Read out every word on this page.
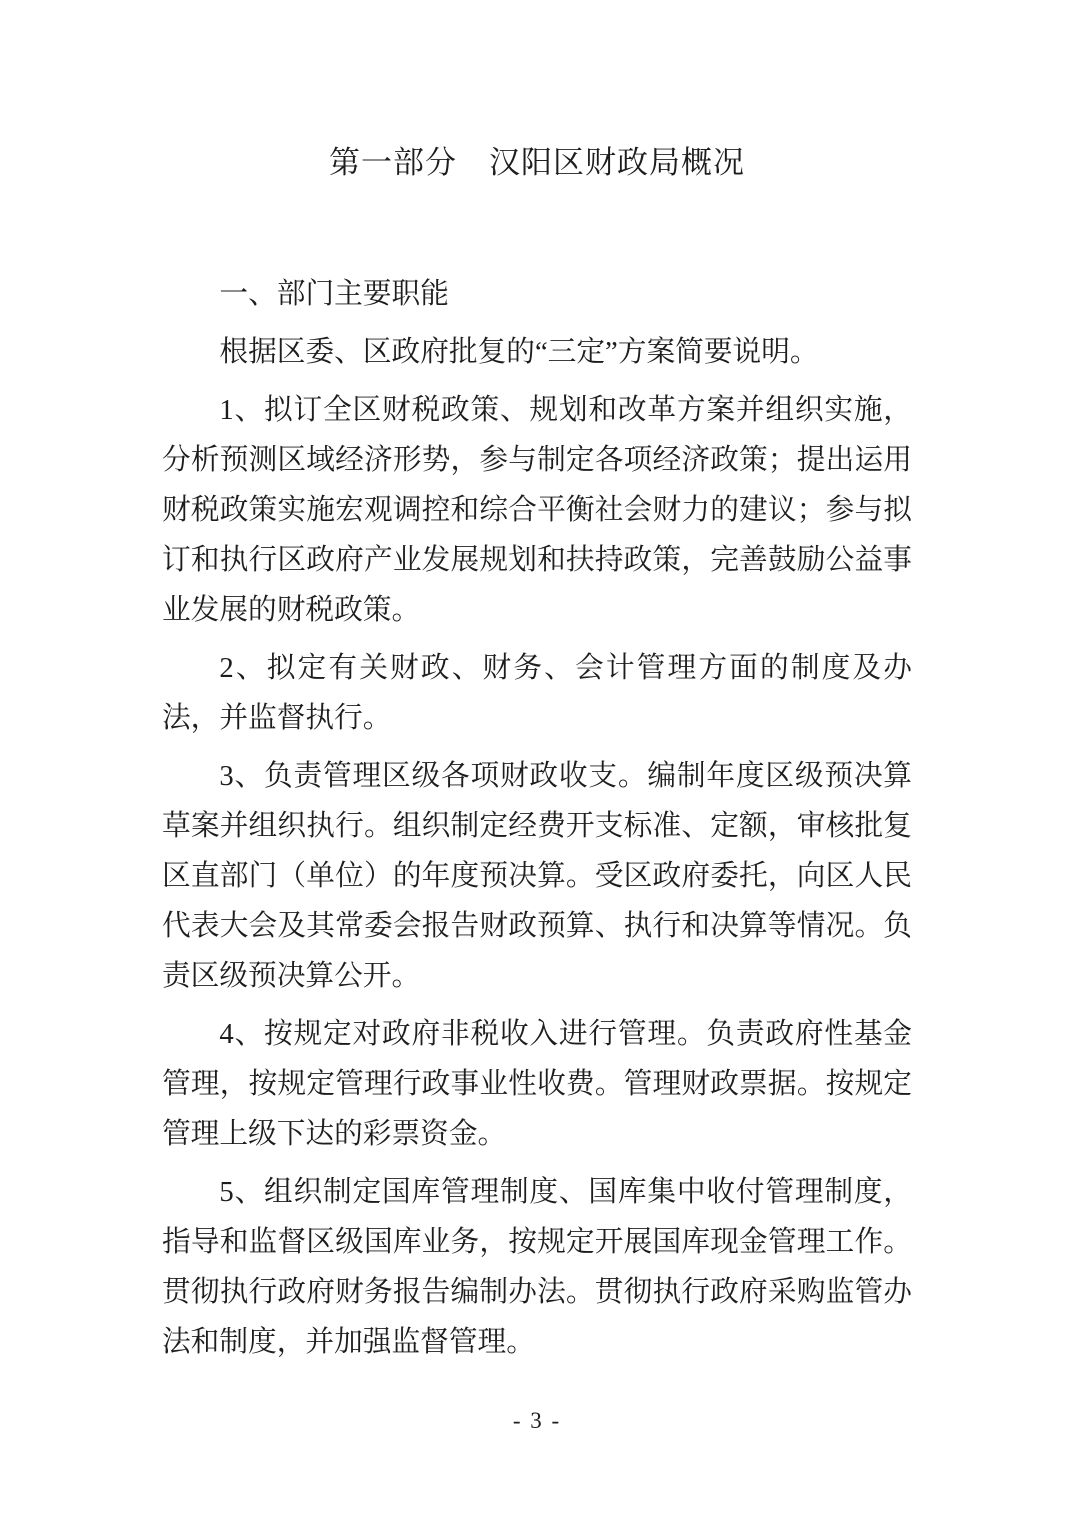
第一部分　汉阳区财政局概况

一、部门主要职能

根据区委、区政府批复的“三定”方案简要说明。

1、拟订全区财税政策、规划和改革方案并组织实施，分析预测区域经济形势，参与制定各项经济政策；提出运用财税政策实施宏观调控和综合平衡社会财力的建议；参与拟订和执行区政府产业发展规划和扶持政策，完善鼓励公益事业发展的财税政策。

2、拟定有关财政、财务、会计管理方面的制度及办法，并监督执行。

3、负责管理区级各项财政收支。编制年度区级预决算草案并组织执行。组织制定经费开支标准、定额，审核批复区直部门（单位）的年度预决算。受区政府委托，向区人民代表大会及其常委会报告财政预算、执行和决算等情况。负责区级预决算公开。

4、按规定对政府非税收入进行管理。负责政府性基金管理，按规定管理行政事业性收费。管理财政票据。按规定管理上级下达的彩票资金。

5、组织制定国库管理制度、国库集中收付管理制度，指导和监督区级国库业务，按规定开展国库现金管理工作。贯彻执行政府财务报告编制办法。贯彻执行政府采购监管办法和制度，并加强监督管理。

- 3 -
